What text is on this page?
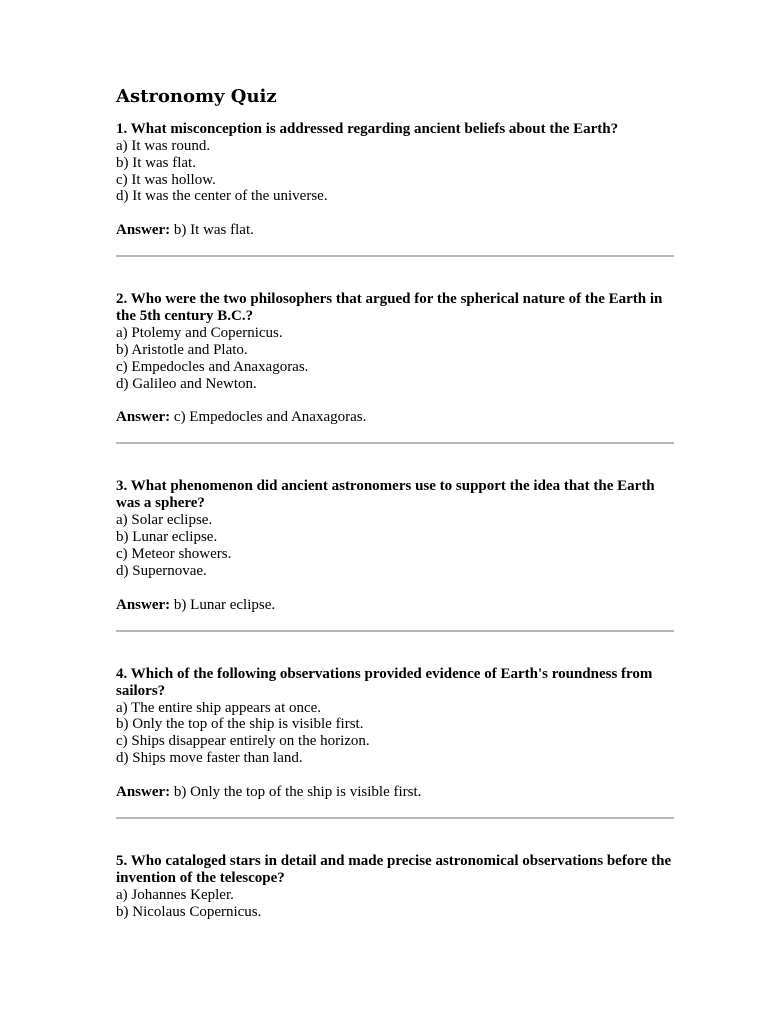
Astronomy Quiz

1. What misconception is addressed regarding ancient beliefs about the Earth?

a) It was round.

b) It was flat.

c) It was hollow.

d) It was the center of the universe.

Answer: b) It was flat.

2. Who were the two philosophers that argued for the spherical nature of the Earth in the 5th century B.C.?

a) Ptolemy and Copernicus.

b) Aristotle and Plato.

c) Empedocles and Anaxagoras.

d) Galileo and Newton.

Answer: c) Empedocles and Anaxagoras.

3. What phenomenon did ancient astronomers use to support the idea that the Earth was a sphere?

a) Solar eclipse.

b) Lunar eclipse.

c) Meteor showers.

d) Supernovae.

Answer: b) Lunar eclipse.

4. Which of the following observations provided evidence of Earth's roundness from sailors?

a) The entire ship appears at once.

b) Only the top of the ship is visible first.

c) Ships disappear entirely on the horizon.

d) Ships move faster than land.

Answer: b) Only the top of the ship is visible first.

5. Who cataloged stars in detail and made precise astronomical observations before the invention of the telescope?

a) Johannes Kepler.

b) Nicolaus Copernicus.
